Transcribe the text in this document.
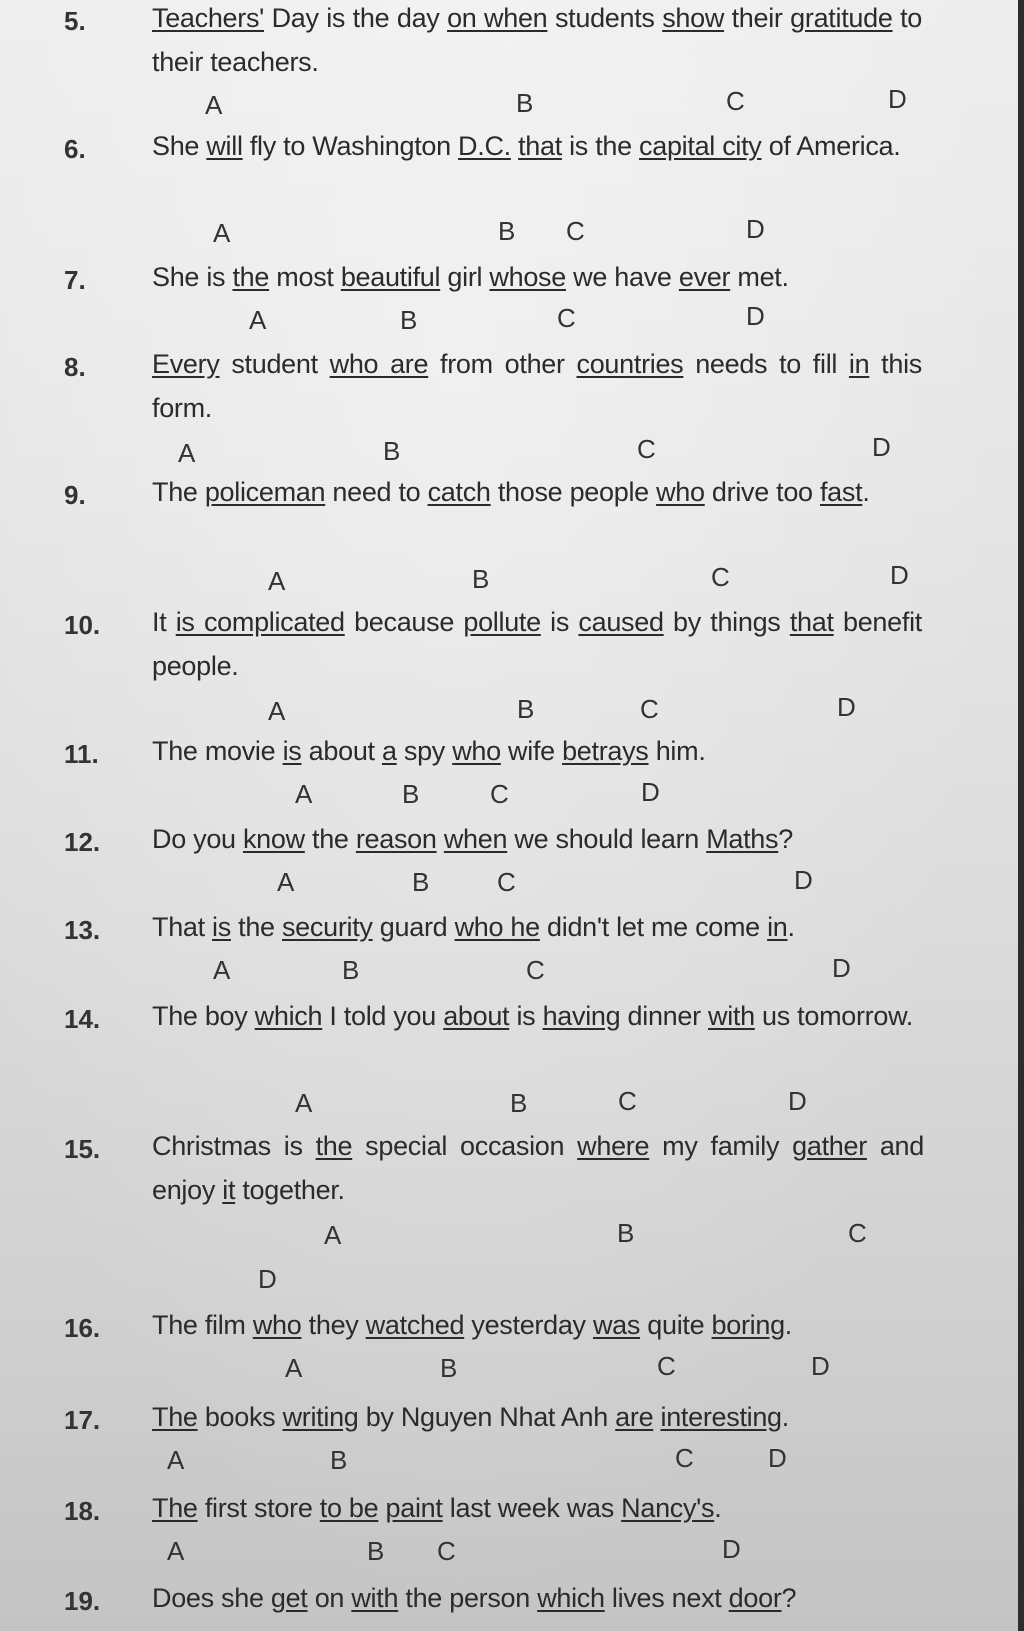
5. Teachers' Day is the day on when students show their gratitude to their teachers.
A	B	C	D
6. She will fly to Washington D.C. that is the capital city of America.
A	B C	D
7. She is the most beautiful girl whose we have ever met.
A	B	C	D
8. Every student who are from other countries needs to fill in this form.
A	B	C	D
9. The policeman need to catch those people who drive too fast.
A	B	C	D
10. It is complicated because pollute is caused by things that benefit people.
A	B	C	D
11. The movie is about a spy who wife betrays him.
A	B	C	D
12. Do you know the reason when we should learn Maths?
A	B	C	D
13. That is the security guard who he didn't let me come in.
A	B	C	D
14. The boy which I told you about is having dinner with us tomorrow.
A	B	C	D
15. Christmas is the special occasion where my family gather and enjoy it together.
A	B	C
D
16. The film who they watched yesterday was quite boring.
A	B	C	D
17. The books writing by Nguyen Nhat Anh are interesting.
A	B	C	D
18. The first store to be paint last week was Nancy's.
A	B C	D
19. Does she get on with the person which lives next door?
